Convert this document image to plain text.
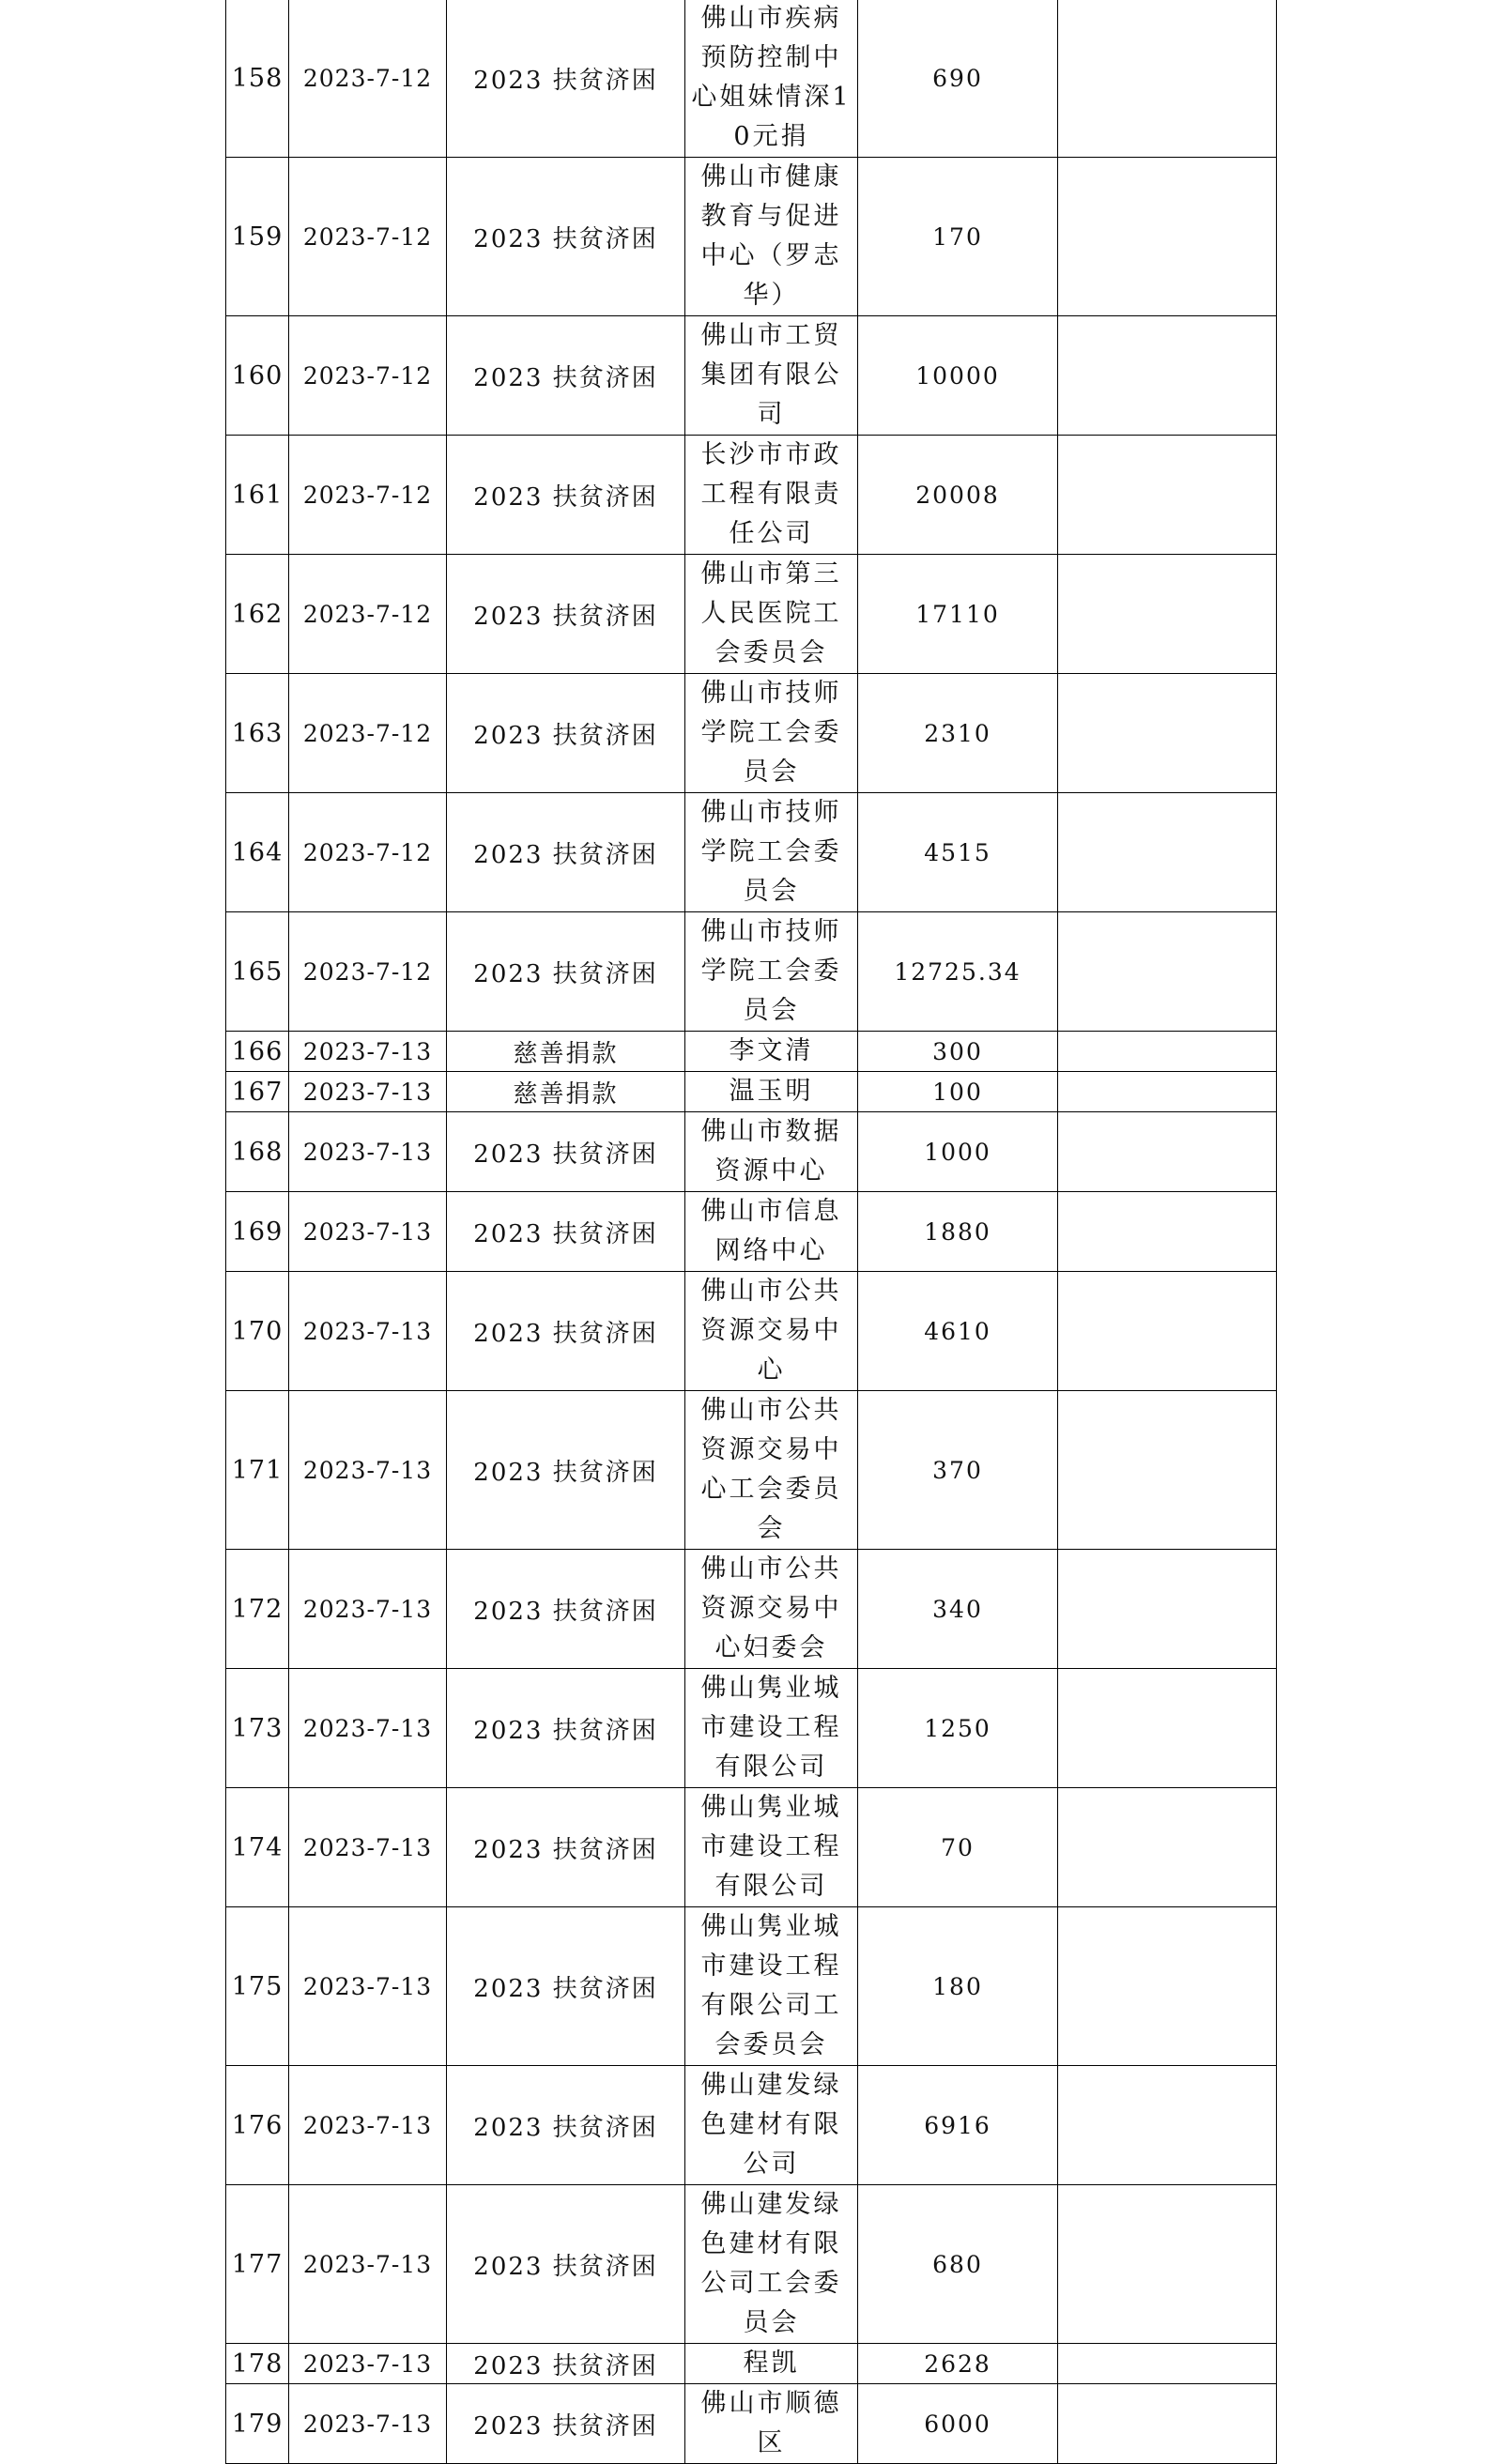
158	2023-7-12	2023 扶贫济困	佛山市疾病预防控制中心姐妹情深10元捐	690	
159	2023-7-12	2023 扶贫济困	佛山市健康教育与促进中心（罗志华）	170	
160	2023-7-12	2023 扶贫济困	佛山市工贸集团有限公司	10000	
161	2023-7-12	2023 扶贫济困	长沙市市政工程有限责任公司	20008	
162	2023-7-12	2023 扶贫济困	佛山市第三人民医院工会委员会	17110	
163	2023-7-12	2023 扶贫济困	佛山市技师学院工会委员会	2310	
164	2023-7-12	2023 扶贫济困	佛山市技师学院工会委员会	4515	
165	2023-7-12	2023 扶贫济困	佛山市技师学院工会委员会	12725.34	
166	2023-7-13	慈善捐款	李文清	300	
167	2023-7-13	慈善捐款	温玉明	100	
168	2023-7-13	2023 扶贫济困	佛山市数据资源中心	1000	
169	2023-7-13	2023 扶贫济困	佛山市信息网络中心	1880	
170	2023-7-13	2023 扶贫济困	佛山市公共资源交易中心	4610	
171	2023-7-13	2023 扶贫济困	佛山市公共资源交易中心工会委员会	370	
172	2023-7-13	2023 扶贫济困	佛山市公共资源交易中心妇委会	340	
173	2023-7-13	2023 扶贫济困	佛山隽业城市建设工程有限公司	1250	
174	2023-7-13	2023 扶贫济困	佛山隽业城市建设工程有限公司	70	
175	2023-7-13	2023 扶贫济困	佛山隽业城市建设工程有限公司工会委员会	180	
176	2023-7-13	2023 扶贫济困	佛山建发绿色建材有限公司	6916	
177	2023-7-13	2023 扶贫济困	佛山建发绿色建材有限公司工会委员会	680	
178	2023-7-13	2023 扶贫济困	程凯	2628	
179	2023-7-13	2023 扶贫济困	佛山市顺德区	6000	
